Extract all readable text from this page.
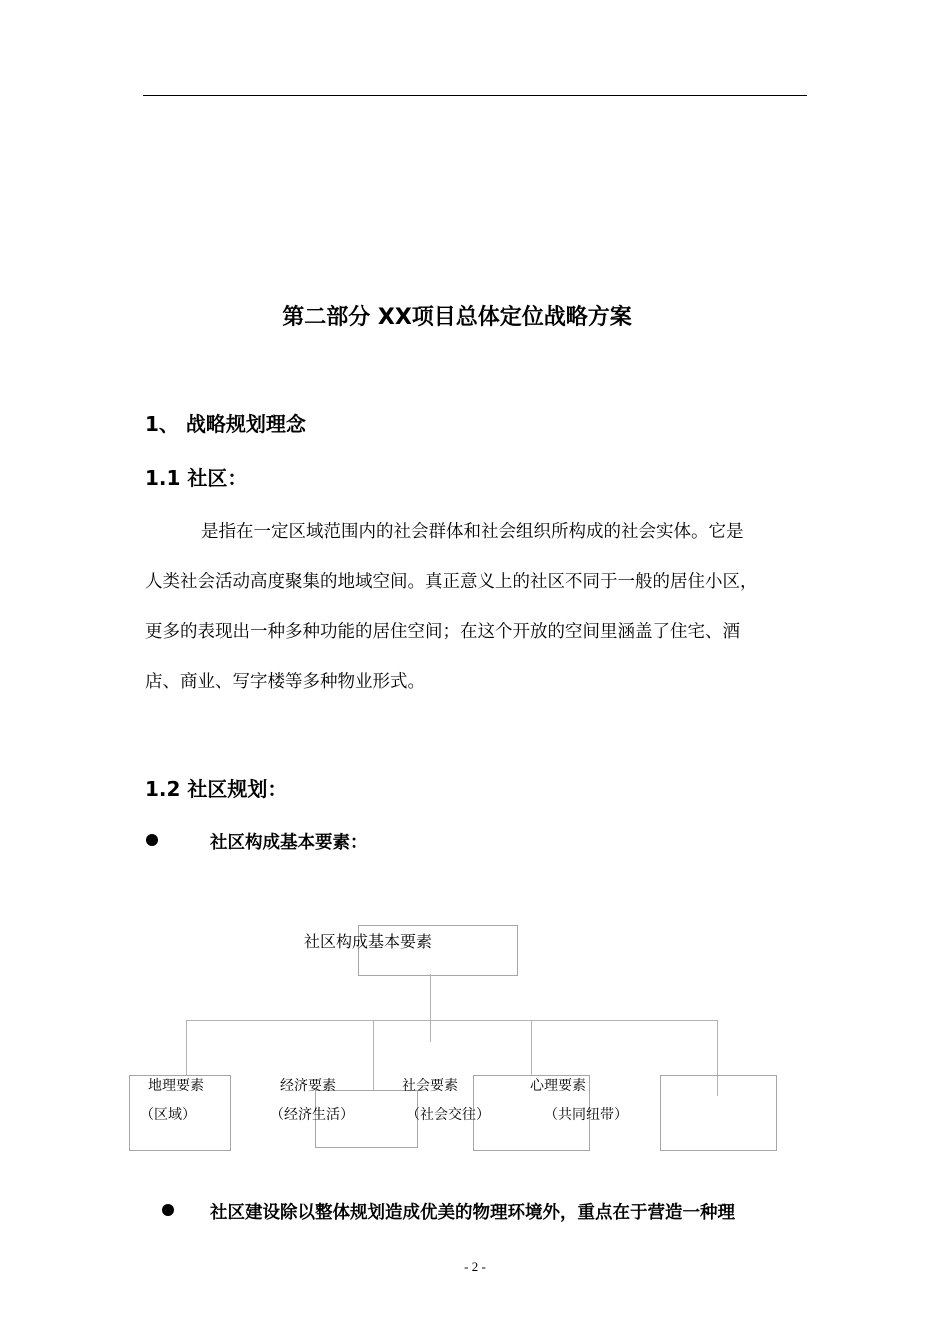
第二部分 XX项目总体定位战略方案
1、 战略规划理念
1.1 社区：
是指在一定区域范围内的社会群体和社会组织所构成的社会实体。它是
人类社会活动高度聚集的地域空间。真正意义上的社区不同于一般的居住小区，
更多的表现出一种多种功能的居住空间；在这个开放的空间里涵盖了住宅、酒
店、商业、写字楼等多种物业形式。
1.2 社区规划：
社区构成基本要素：
社区构成基本要素
地理要素
（区域）
经济要素
（经济生活）
社会要素
（社会交往）
心理要素
（共同纽带）
社区建设除以整体规划造成优美的物理环境外，重点在于营造一种理
- 2 -
